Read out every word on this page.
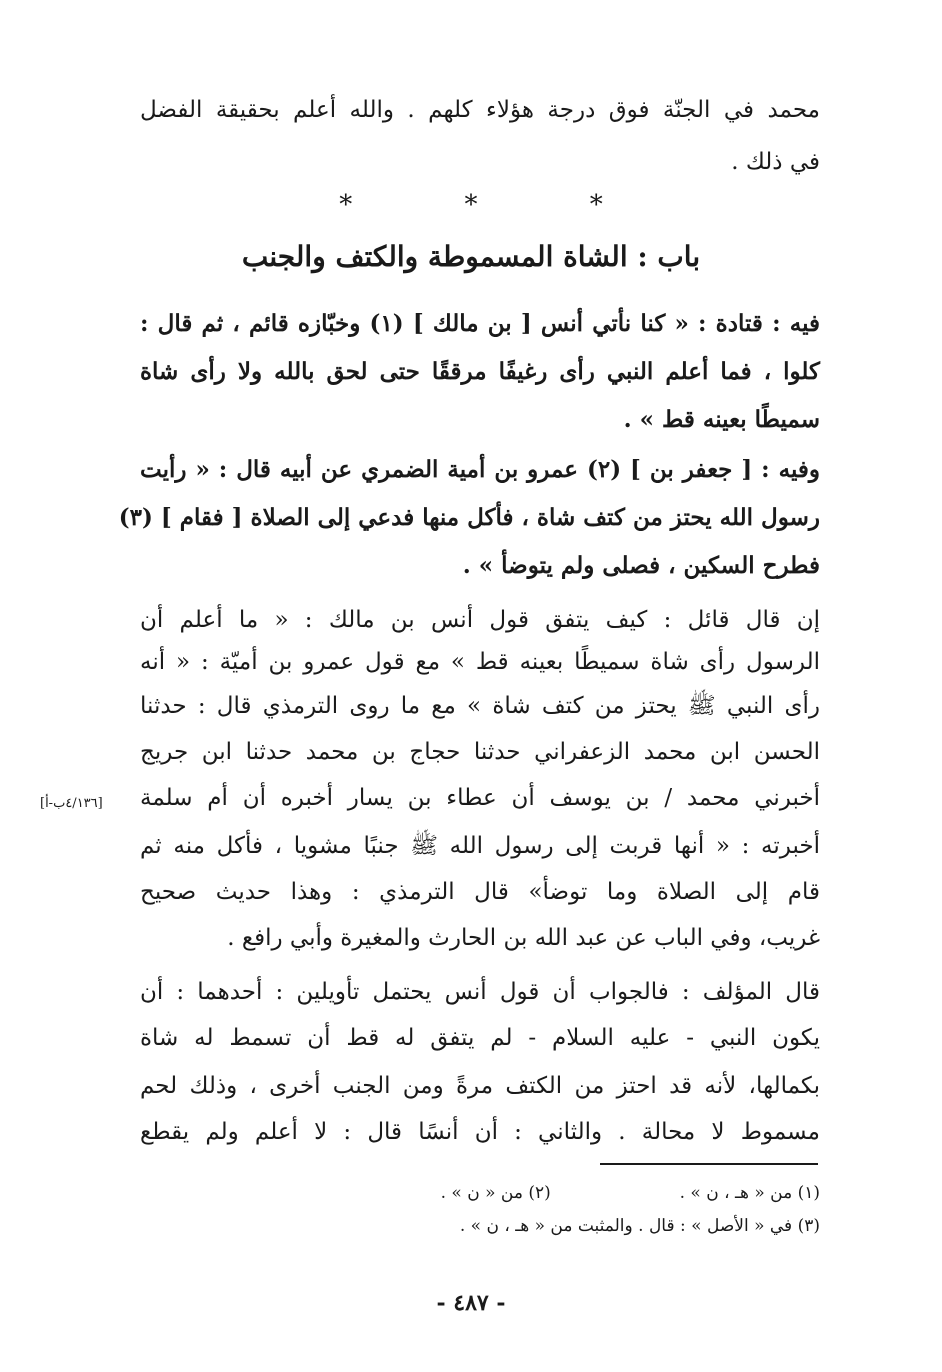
محمد في الجنّة فوق درجة هؤلاء كلهم . والله أعلم بحقيقة الفضل
في ذلك .
* * *
باب : الشاة المسموطة والكتف والجنب
فيه : قتادة : « كنا نأتي أنس [ بن مالك ] (١) وخبّازه قائم ، ثم قال :
كلوا ، فما أعلم النبي رأى رغيفًا مرققًا حتى لحق بالله ولا رأى شاة
سميطًا بعينه قط » .
وفيه : [ جعفر بن ] (٢) عمرو بن أمية الضمري عن أبيه قال : « رأيت
رسول الله يحتز من كتف شاة ، فأكل منها فدعي إلى الصلاة [ فقام ] (٣)
فطرح السكين ، فصلى ولم يتوضأ » .
إن قال قائل : كيف يتفق قول أنس بن مالك : « ما أعلم أن
الرسول رأى شاة سميطًا بعينه قط » مع قول عمرو بن أميّة : « أنه
رأى النبي ﷺ يحتز من كتف شاة » مع ما روى الترمذي قال : حدثنا
الحسن ابن محمد الزعفراني حدثنا حجاج بن محمد حدثنا ابن جريج
أخبرني محمد / بن يوسف أن عطاء بن يسار أخبره أن أم سلمة
أخبرته : « أنها قربت إلى رسول الله ﷺ جنبًا مشويا ، فأكل منه ثم
قام إلى الصلاة وما توضأ» قال الترمذي : وهذا حديث صحيح
غريب، وفي الباب عن عبد الله بن الحارث والمغيرة وأبي رافع .
[٤/١٣٦ب-أ]
قال المؤلف : فالجواب أن قول أنس يحتمل تأويلين : أحدهما : أن
يكون النبي - عليه السلام - لم يتفق له قط أن تسمط له شاة
بكمالها، لأنه قد احتز من الكتف مرةً ومن الجنب أخرى ، وذلك لحم
مسموط لا محالة . والثاني : أن أنسًا قال : لا أعلم ولم يقطع
(١) من « هـ ، ن » .  (٢) من « ن » .
(٣) في « الأصل » : قال . والمثبت من « هـ ، ن » .
- ٤٨٧ -
